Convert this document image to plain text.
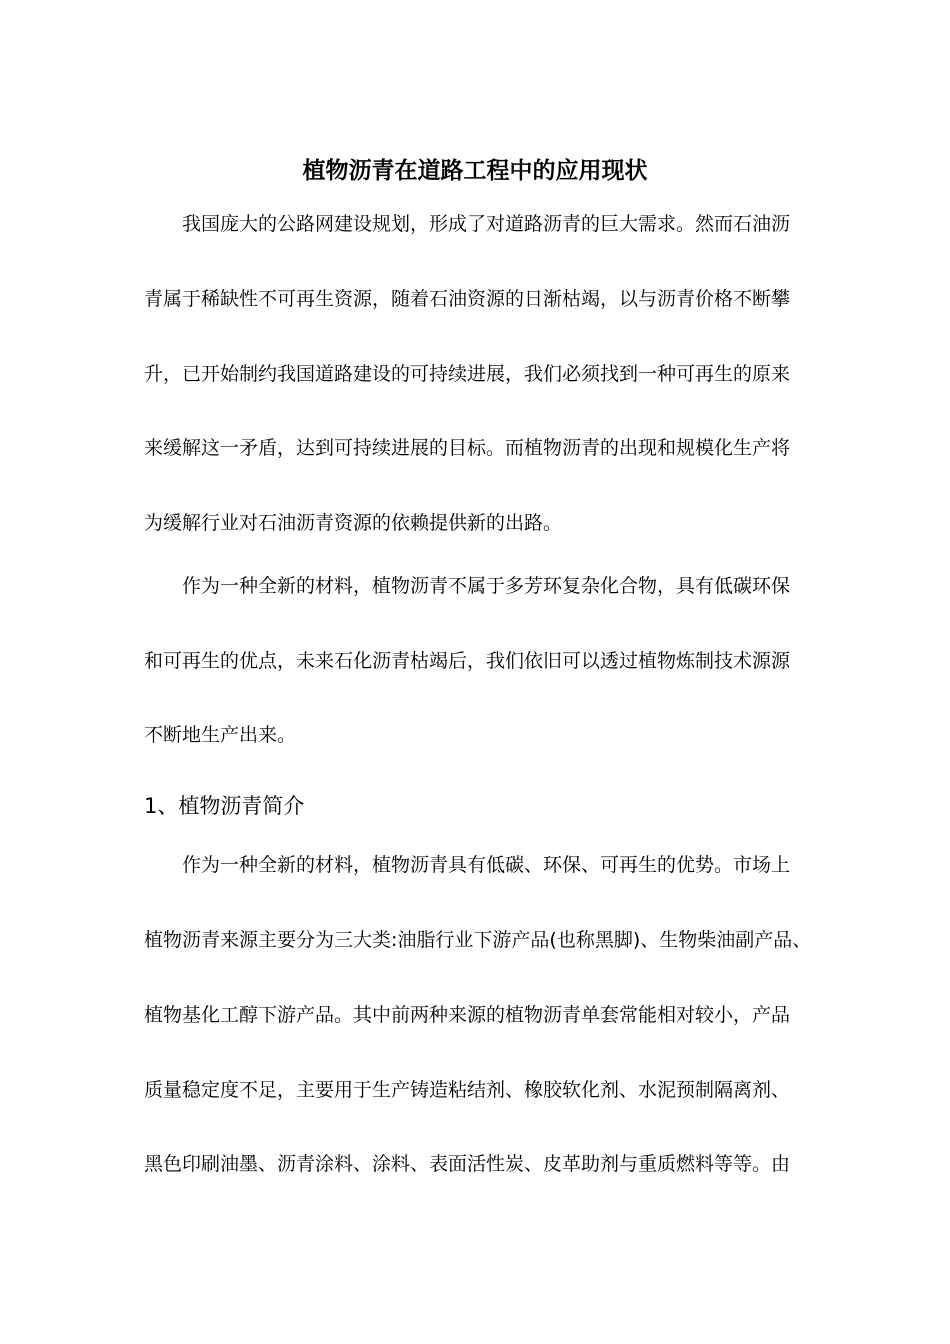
植物沥青在道路工程中的应用现状
我国庞大的公路网建设规划，形成了对道路沥青的巨大需求。然而石油沥
青属于稀缺性不可再生资源，随着石油资源的日渐枯竭，以与沥青价格不断攀
升，已开始制约我国道路建设的可持续进展，我们必须找到一种可再生的原来
来缓解这一矛盾，达到可持续进展的目标。而植物沥青的出现和规模化生产将
为缓解行业对石油沥青资源的依赖提供新的出路。
作为一种全新的材料，植物沥青不属于多芳环复杂化合物，具有低碳环保
和可再生的优点，未来石化沥青枯竭后，我们依旧可以透过植物炼制技术源源
不断地生产出来。
1、植物沥青简介
作为一种全新的材料，植物沥青具有低碳、环保、可再生的优势。市场上
植物沥青来源主要分为三大类:油脂行业下游产品(也称黑脚)、生物柴油副产品、
植物基化工醇下游产品。其中前两种来源的植物沥青单套常能相对较小，产品
质量稳定度不足，主要用于生产铸造粘结剂、橡胶软化剂、水泥预制隔离剂、
黑色印刷油墨、沥青涂料、涂料、表面活性炭、皮革助剂与重质燃料等等。由
